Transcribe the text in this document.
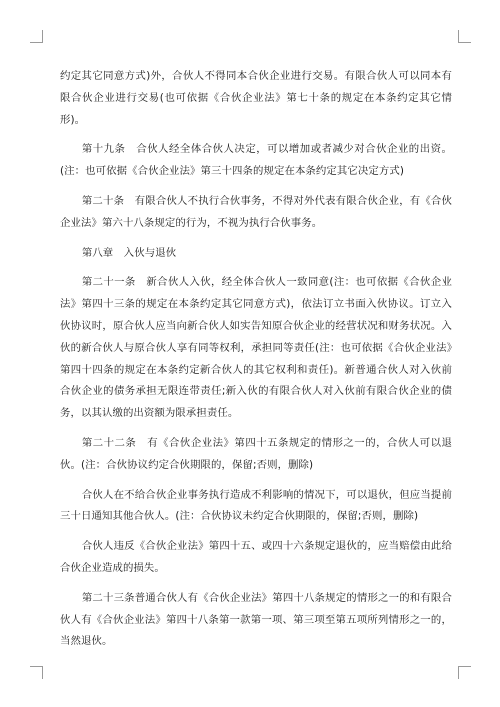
约定其它同意方式)外，合伙人不得同本合伙企业进行交易。有限合伙人可以同本有限合伙企业进行交易(也可依据《合伙企业法》第七十条的规定在本条约定其它情形)。

第十九条　合伙人经全体合伙人决定，可以增加或者减少对合伙企业的出资。(注：也可依据《合伙企业法》第三十四条的规定在本条约定其它决定方式)

第二十条　有限合伙人不执行合伙事务，不得对外代表有限合伙企业，有《合伙企业法》第六十八条规定的行为，不视为执行合伙事务。

第八章　入伙与退伙

第二十一条　新合伙人入伙，经全体合伙人一致同意(注：也可依据《合伙企业法》第四十三条的规定在本条约定其它同意方式)，依法订立书面入伙协议。订立入伙协议时，原合伙人应当向新合伙人如实告知原合伙企业的经营状况和财务状况。入伙的新合伙人与原合伙人享有同等权利，承担同等责任(注：也可依据《合伙企业法》第四十四条的规定在本条约定新合伙人的其它权利和责任)。新普通合伙人对入伙前合伙企业的债务承担无限连带责任;新入伙的有限合伙人对入伙前有限合伙企业的债务，以其认缴的出资额为限承担责任。

第二十二条　有《合伙企业法》第四十五条规定的情形之一的，合伙人可以退伙。(注：合伙协议约定合伙期限的，保留;否则，删除)

合伙人在不给合伙企业事务执行造成不利影响的情况下，可以退伙，但应当提前三十日通知其他合伙人。(注：合伙协议未约定合伙期限的，保留;否则，删除)

合伙人违反《合伙企业法》第四十五、或四十六条规定退伙的，应当赔偿由此给合伙企业造成的损失。

第二十三条普通合伙人有《合伙企业法》第四十八条规定的情形之一的和有限合伙人有《合伙企业法》第四十八条第一款第一项、第三项至第五项所列情形之一的，当然退伙。
